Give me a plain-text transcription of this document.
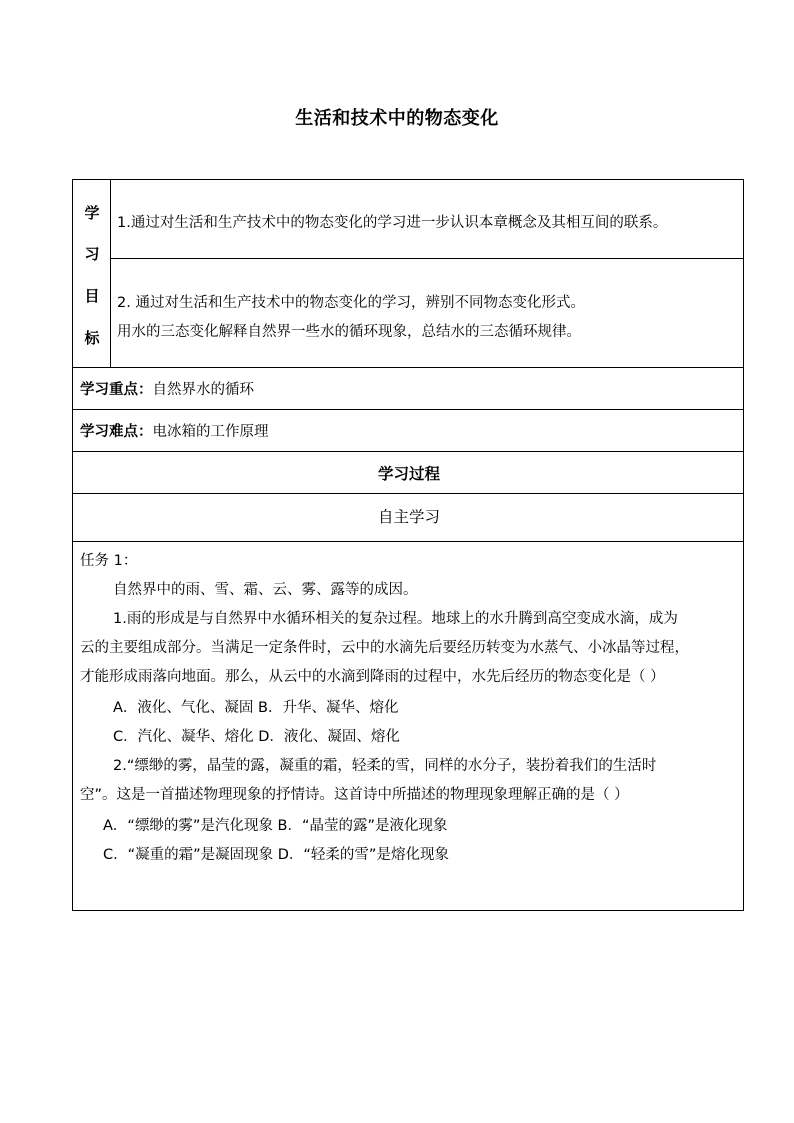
生活和技术中的物态变化
学
习
目
标
1.通过对生活和生产技术中的物态变化的学习进一步认识本章概念及其相互间的联系。
2. 通过对生活和生产技术中的物态变化的学习，辨别不同物态变化形式。
用水的三态变化解释自然界一些水的循环现象，总结水的三态循环规律。
学习重点：自然界水的循环
学习难点：电冰箱的工作原理
学习过程
自主学习
任务 1：
自然界中的雨、雪、霜、云、雾、露等的成因。
1.雨的形成是与自然界中水循环相关的复杂过程。地球上的水升腾到高空变成水滴，成为
云的主要组成部分。当满足一定条件时，云中的水滴先后要经历转变为水蒸气、小冰晶等过程，
才能形成雨落向地面。那么，从云中的水滴到降雨的过程中，水先后经历的物态变化是（ ）
A．液化、气化、凝固 B．升华、凝华、熔化
C．汽化、凝华、熔化 D．液化、凝固、熔化
2.“缥缈的雾，晶莹的露，凝重的霜，轻柔的雪，同样的水分子，装扮着我们的生活时
空”。这是一首描述物理现象的抒情诗。这首诗中所描述的物理现象理解正确的是（ ）
A．“缥缈的雾”是汽化现象 B．“晶莹的露”是液化现象
C．“凝重的霜”是凝固现象 D．“轻柔的雪”是熔化现象
